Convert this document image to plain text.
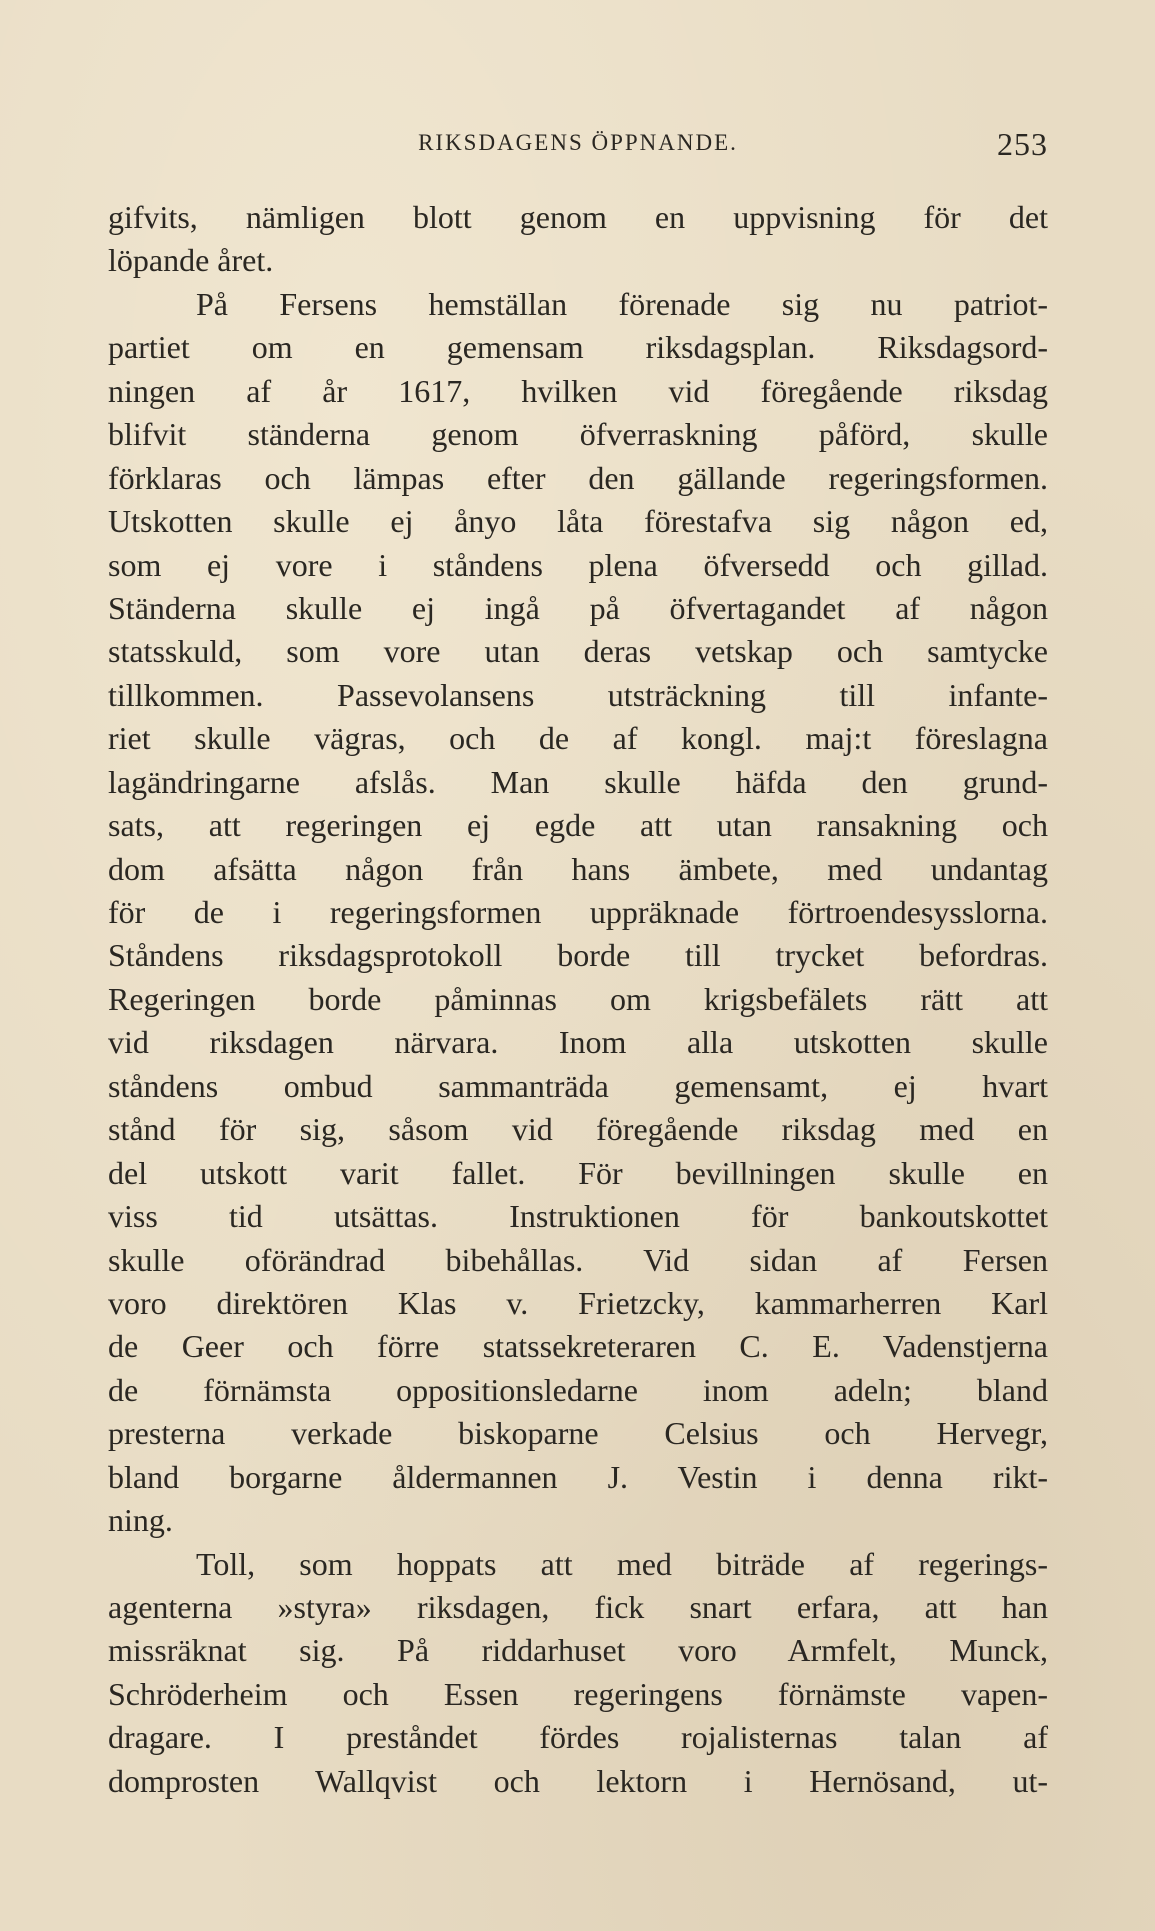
RIKSDAGENS ÖPPNANDE.	253
gifvits, nämligen blott genom en uppvisning för det
löpande året.
På Fersens hemställan förenade sig nu patriot-
partiet om en gemensam riksdagsplan. Riksdagsord-
ningen af år 1617, hvilken vid föregående riksdag
blifvit ständerna genom öfverraskning påförd, skulle
förklaras och lämpas efter den gällande regeringsformen.
Utskotten skulle ej ånyo låta förestafva sig någon ed,
som ej vore i ståndens plena öfversedd och gillad.
Ständerna skulle ej ingå på öfvertagandet af någon
statsskuld, som vore utan deras vetskap och samtycke
tillkommen. Passevolansens utsträckning till infante-
riet skulle vägras, och de af kongl. maj:t föreslagna
lagändringarne afslås. Man skulle häfda den grund-
sats, att regeringen ej egde att utan ransakning och
dom afsätta någon från hans ämbete, med undantag
för de i regeringsformen uppräknade förtroendesysslorna.
Ståndens riksdagsprotokoll borde till trycket befordras.
Regeringen borde påminnas om krigsbefälets rätt att
vid riksdagen närvara. Inom alla utskotten skulle
ståndens ombud sammanträda gemensamt, ej hvart
stånd för sig, såsom vid föregående riksdag med en
del utskott varit fallet. För bevillningen skulle en
viss tid utsättas. Instruktionen för bankoutskottet
skulle oförändrad bibehållas. Vid sidan af Fersen
voro direktören Klas v. Frietzcky, kammarherren Karl
de Geer och förre statssekreteraren C. E. Vadenstjerna
de förnämsta oppositionsledarne inom adeln; bland
presterna verkade biskoparne Celsius och Hervegr,
bland borgarne åldermannen J. Vestin i denna rikt-
ning.
Toll, som hoppats att med biträde af regerings-
agenterna »styra» riksdagen, fick snart erfara, att han
missräknat sig. På riddarhuset voro Armfelt, Munck,
Schröderheim och Essen regeringens förnämste vapen-
dragare. I preståndet fördes rojalisternas talan af
domprosten Wallqvist och lektorn i Hernösand, ut-
